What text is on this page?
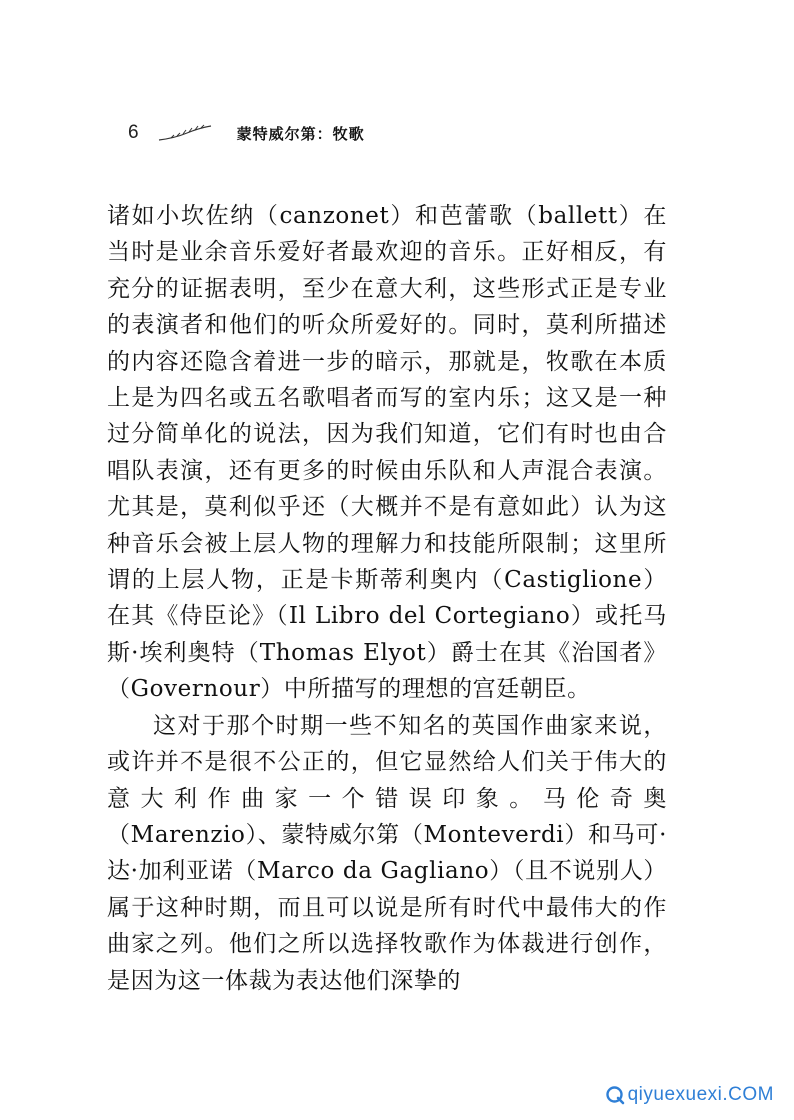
6	蒙特威尔第：牧歌

诸如小坎佐纳（canzonet）和芭蕾歌（ballett）在当时是业余音乐爱好者最欢迎的音乐。正好相反，有充分的证据表明，至少在意大利，这些形式正是专业的表演者和他们的听众所爱好的。同时，莫利所描述的内容还隐含着进一步的暗示，那就是，牧歌在本质上是为四名或五名歌唱者而写的室内乐；这又是一种过分简单化的说法，因为我们知道，它们有时也由合唱队表演，还有更多的时候由乐队和人声混合表演。尤其是，莫利似乎还（大概并不是有意如此）认为这种音乐会被上层人物的理解力和技能所限制；这里所谓的上层人物，正是卡斯蒂利奥内（Castiglione）在其《侍臣论》（Il Libro del Cortegiano）或托马斯·埃利奥特（Thomas Elyot）爵士在其《治国者》（Governour）中所描写的理想的宫廷朝臣。

这对于那个时期一些不知名的英国作曲家来说，或许并不是很不公正的，但它显然给人们关于伟大的意大利作曲家一个错误印象。马伦奇奥（Marenzio）、蒙特威尔第（Monteverdi）和马可·达·加利亚诺（Marco da Gagliano）（且不说别人）属于这种时期，而且可以说是所有时代中最伟大的作曲家之列。他们之所以选择牧歌作为体裁进行创作，是因为这一体裁为表达他们深挚的

qiyuexuexi.COM
